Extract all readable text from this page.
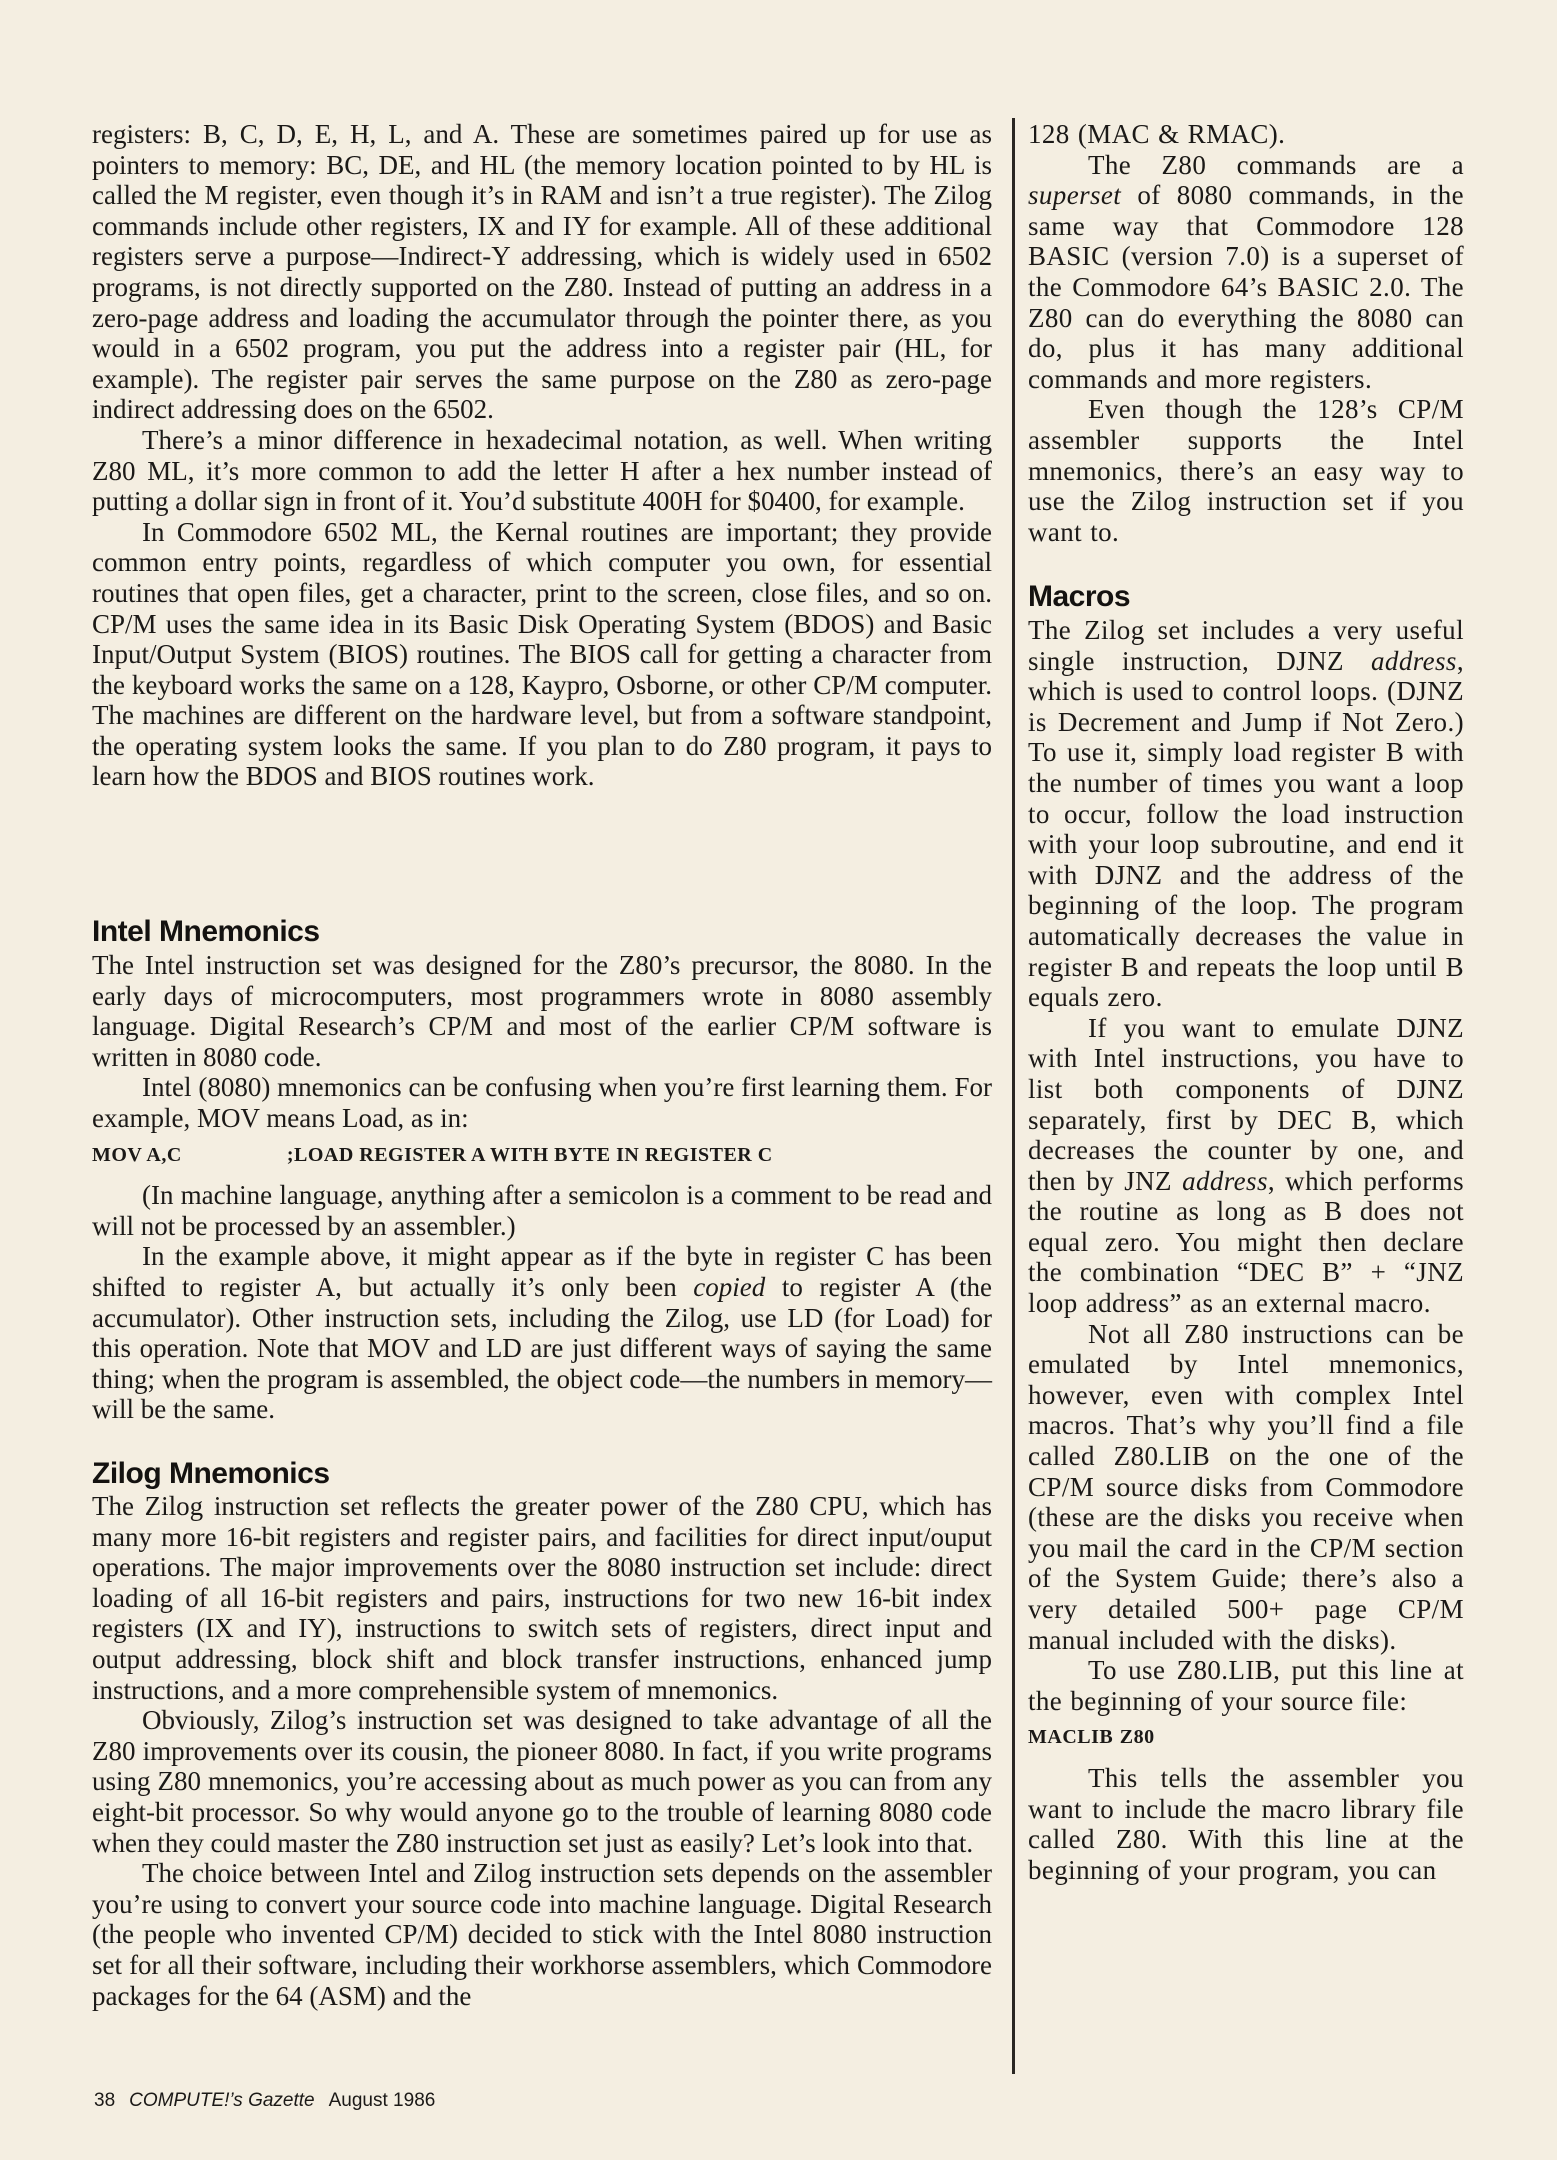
registers: B, C, D, E, H, L, and A. These are sometimes paired up for use as pointers to memory: BC, DE, and HL (the memory location pointed to by HL is called the M register, even though it’s in RAM and isn’t a true register). The Zilog commands include other registers, IX and IY for example. All of these additional registers serve a purpose—Indirect-Y addressing, which is widely used in 6502 programs, is not directly supported on the Z80. Instead of putting an address in a zero-page address and loading the accumulator through the pointer there, as you would in a 6502 program, you put the address into a register pair (HL, for example). The register pair serves the same purpose on the Z80 as zero-page indirect addressing does on the 6502.

There’s a minor difference in hexadecimal notation, as well. When writing Z80 ML, it’s more common to add the letter H after a hex number instead of putting a dollar sign in front of it. You’d substitute 400H for $0400, for example.

In Commodore 6502 ML, the Kernal routines are important; they provide common entry points, regardless of which computer you own, for essential routines that open files, get a character, print to the screen, close files, and so on. CP/M uses the same idea in its Basic Disk Operating System (BDOS) and Basic Input/Output System (BIOS) routines. The BIOS call for getting a character from the keyboard works the same on a 128, Kaypro, Osborne, or other CP/M computer. The machines are different on the hardware level, but from a software standpoint, the operating system looks the same. If you plan to do Z80 program, it pays to learn how the BDOS and BIOS routines work.

Intel Mnemonics

The Intel instruction set was designed for the Z80’s precursor, the 8080. In the early days of microcomputers, most programmers wrote in 8080 assembly language. Digital Research’s CP/M and most of the earlier CP/M software is written in 8080 code.

Intel (8080) mnemonics can be confusing when you’re first learning them. For example, MOV means Load, as in:

MOV A,C	;LOAD REGISTER A WITH BYTE IN REGISTER C

(In machine language, anything after a semicolon is a comment to be read and will not be processed by an assembler.)

In the example above, it might appear as if the byte in register C has been shifted to register A, but actually it’s only been copied to register A (the accumulator). Other instruction sets, including the Zilog, use LD (for Load) for this operation. Note that MOV and LD are just different ways of saying the same thing; when the program is assembled, the object code—the numbers in memory—will be the same.

Zilog Mnemonics

The Zilog instruction set reflects the greater power of the Z80 CPU, which has many more 16-bit registers and register pairs, and facilities for direct input/ouput operations. The major improvements over the 8080 instruction set include: direct loading of all 16-bit registers and pairs, instructions for two new 16-bit index registers (IX and IY), instructions to switch sets of registers, direct input and output addressing, block shift and block transfer instructions, enhanced jump instructions, and a more comprehensible system of mnemonics.

Obviously, Zilog’s instruction set was designed to take advantage of all the Z80 improvements over its cousin, the pioneer 8080. In fact, if you write programs using Z80 mnemonics, you’re accessing about as much power as you can from any eight-bit processor. So why would anyone go to the trouble of learning 8080 code when they could master the Z80 instruction set just as easily? Let’s look into that.

The choice between Intel and Zilog instruction sets depends on the assembler you’re using to convert your source code into machine language. Digital Research (the people who invented CP/M) decided to stick with the Intel 8080 instruction set for all their software, including their workhorse assemblers, which Commodore packages for the 64 (ASM) and the

128 (MAC & RMAC).

The Z80 commands are a superset of 8080 commands, in the same way that Commodore 128 BASIC (version 7.0) is a superset of the Commodore 64’s BASIC 2.0. The Z80 can do everything the 8080 can do, plus it has many additional commands and more registers.

Even though the 128’s CP/M assembler supports the Intel mnemonics, there’s an easy way to use the Zilog instruction set if you want to.

Macros

The Zilog set includes a very useful single instruction, DJNZ address, which is used to control loops. (DJNZ is Decrement and Jump if Not Zero.) To use it, simply load register B with the number of times you want a loop to occur, follow the load instruction with your loop subroutine, and end it with DJNZ and the address of the beginning of the loop. The program automatically decreases the value in register B and repeats the loop until B equals zero.

If you want to emulate DJNZ with Intel instructions, you have to list both components of DJNZ separately, first by DEC B, which decreases the counter by one, and then by JNZ address, which performs the routine as long as B does not equal zero. You might then declare the combination “DEC B” + “JNZ loop address” as an external macro.

Not all Z80 instructions can be emulated by Intel mnemonics, however, even with complex Intel macros. That’s why you’ll find a file called Z80.LIB on the one of the CP/M source disks from Commodore (these are the disks you receive when you mail the card in the CP/M section of the System Guide; there’s also a very detailed 500+ page CP/M manual included with the disks).

To use Z80.LIB, put this line at the beginning of your source file:

MACLIB Z80

This tells the assembler you want to include the macro library file called Z80. With this line at the beginning of your program, you can

38 COMPUTE!’s Gazette August 1986
